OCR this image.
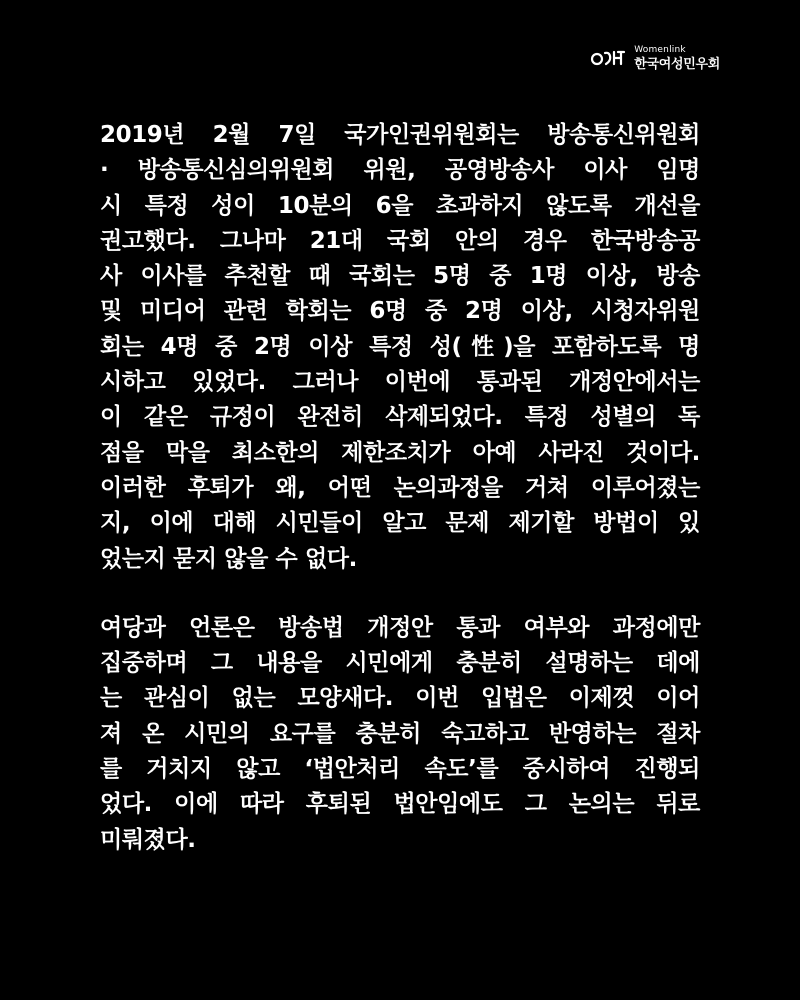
Womenlink
한국여성민우회
2019년 2월 7일 국가인권위원회는 방송통신위원회
· 방송통신심의위원회 위원, 공영방송사 이사 임명
시 특정 성이 10분의 6을 초과하지 않도록 개선을
권고했다. 그나마 21대 국회 안의 경우 한국방송공
사 이사를 추천할 때 국회는 5명 중 1명 이상, 방송
및 미디어 관련 학회는 6명 중 2명 이상, 시청자위원
회는 4명 중 2명 이상 특정 성(性)을 포함하도록 명
시하고 있었다. 그러나 이번에 통과된 개정안에서는
이 같은 규정이 완전히 삭제되었다. 특정 성별의 독
점을 막을 최소한의 제한조치가 아예 사라진 것이다.
이러한 후퇴가 왜, 어떤 논의과정을 거쳐 이루어졌는
지, 이에 대해 시민들이 알고 문제 제기할 방법이 있
었는지 묻지 않을 수 없다.
여당과 언론은 방송법 개정안 통과 여부와 과정에만
집중하며 그 내용을 시민에게 충분히 설명하는 데에
는 관심이 없는 모양새다. 이번 입법은 이제껏 이어
져 온 시민의 요구를 충분히 숙고하고 반영하는 절차
를 거치지 않고 ‘법안처리 속도’를 중시하여 진행되
었다. 이에 따라 후퇴된 법안임에도 그 논의는 뒤로
미뤄졌다.
